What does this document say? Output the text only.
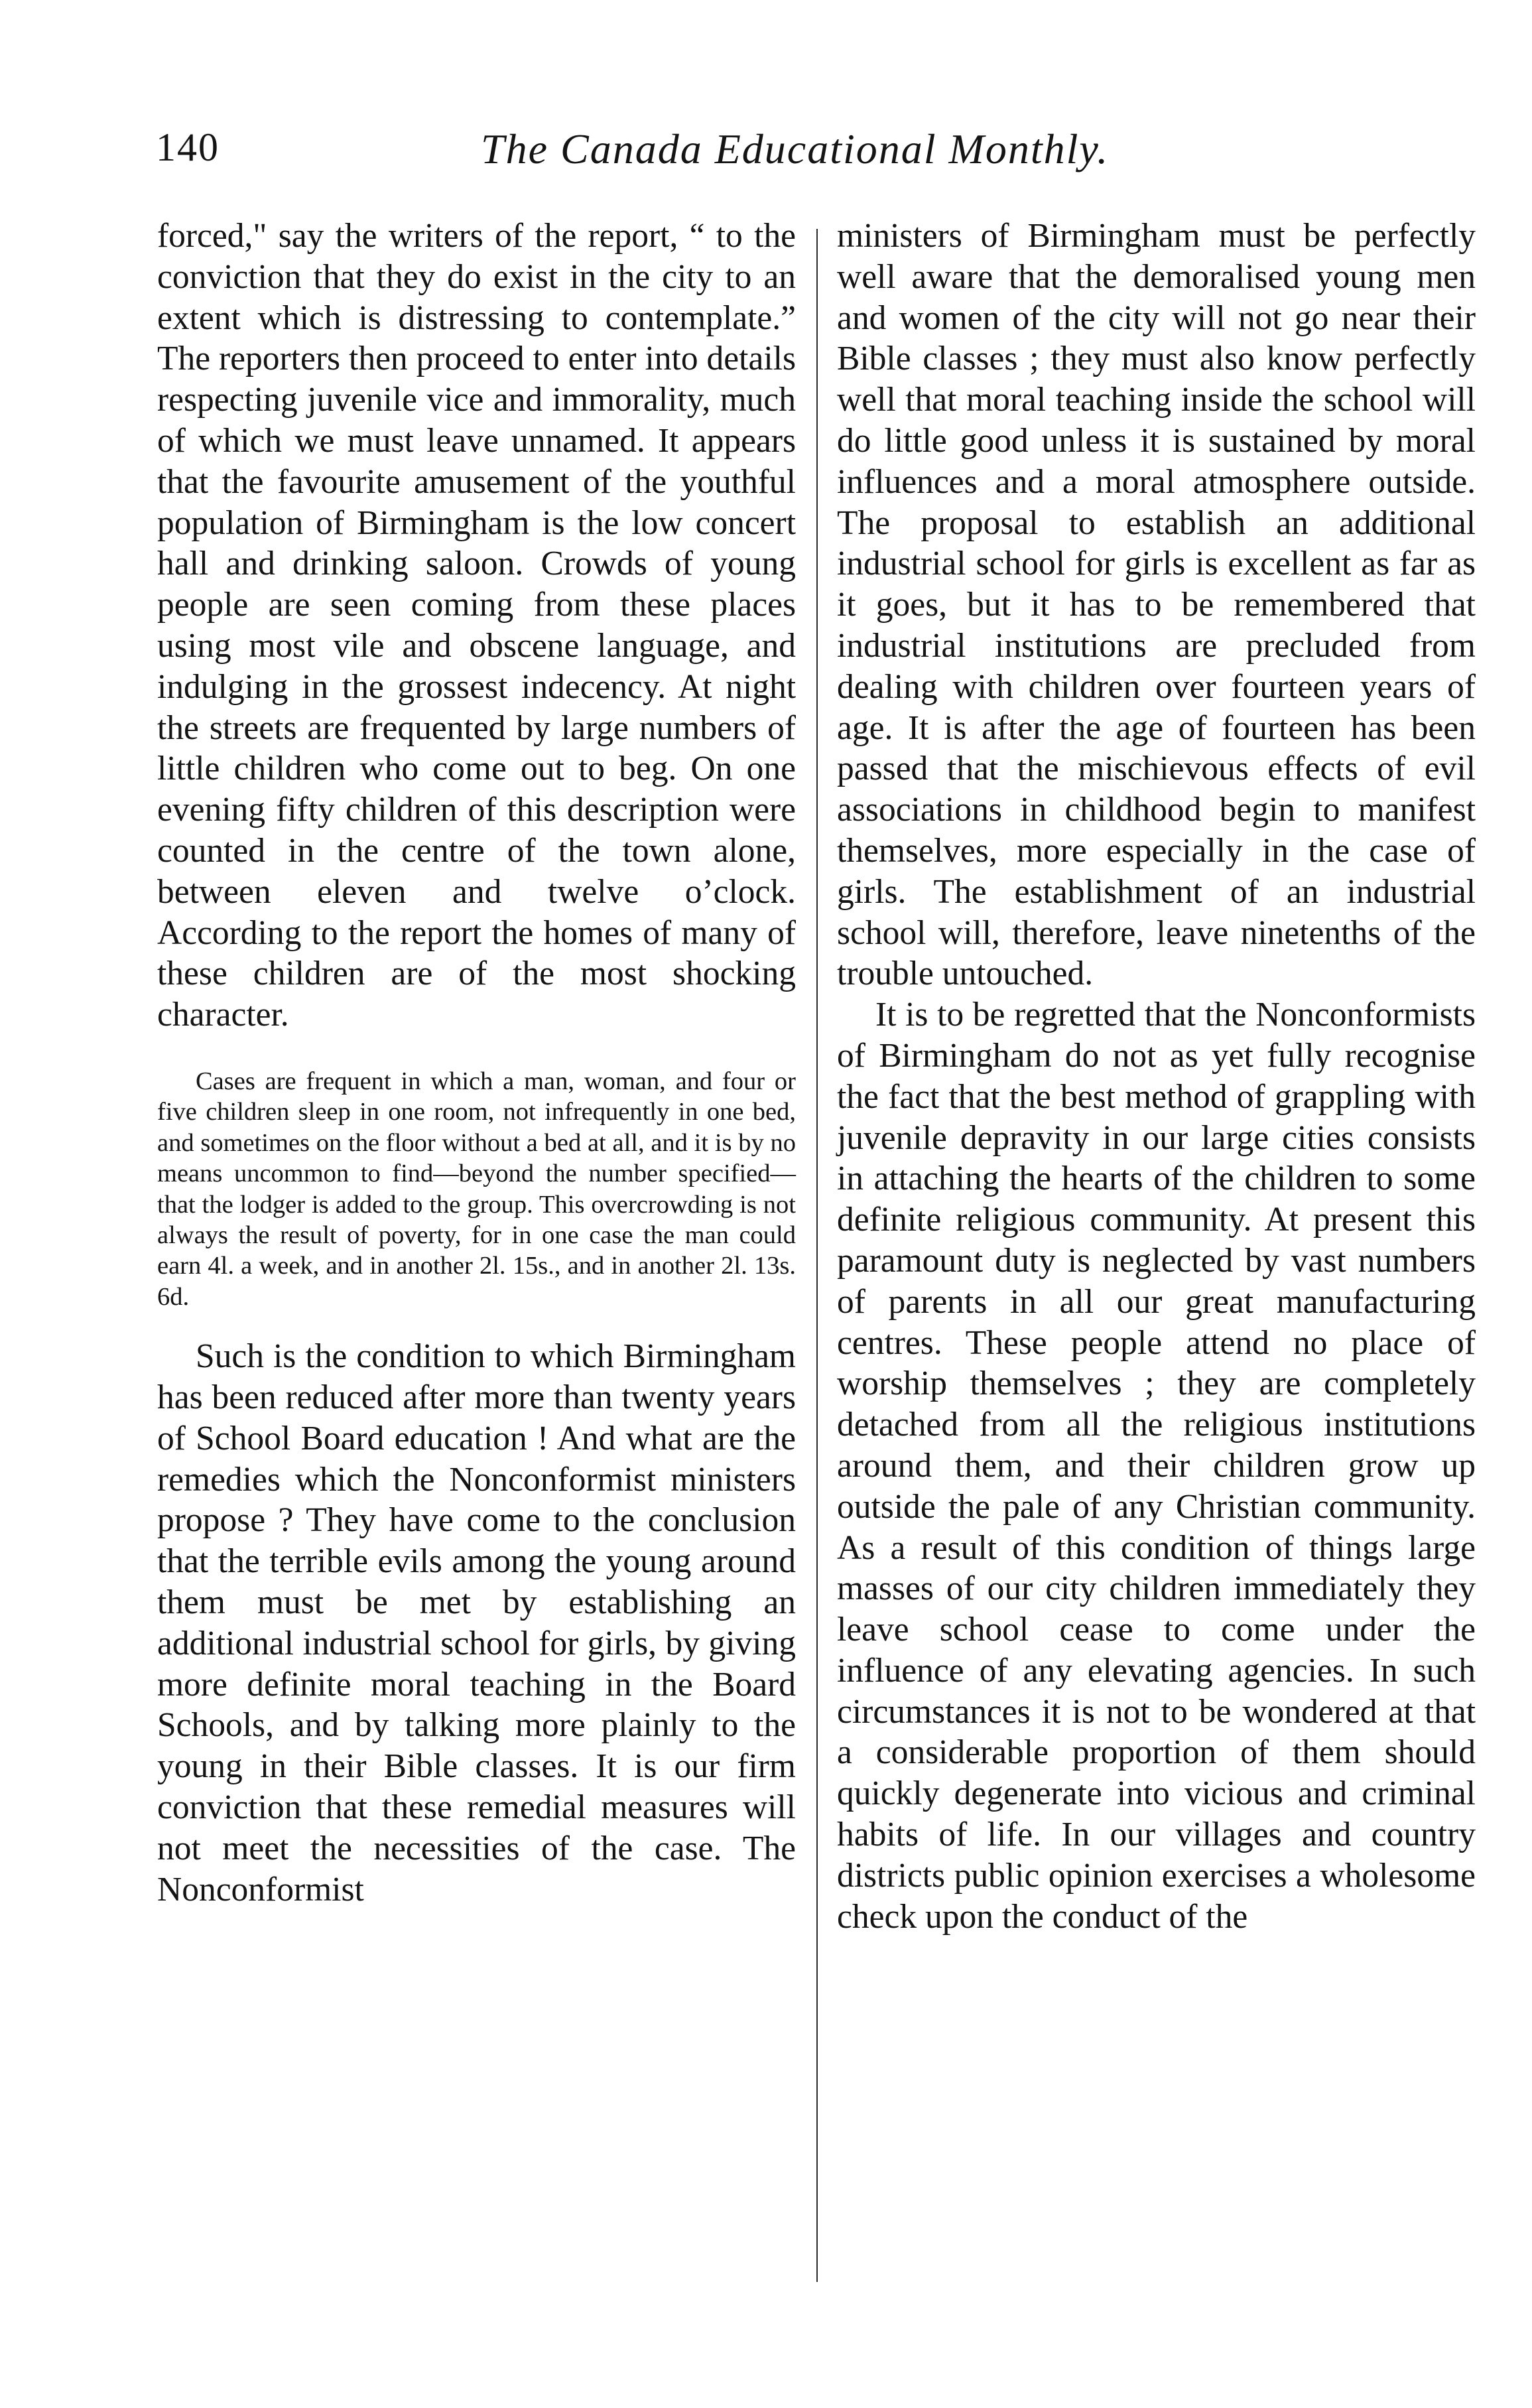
140	The Canada Educational Monthly.

forced," say the writers of the report, “ to the conviction that they do exist in the city to an extent which is distressing to contemplate.” The reporters then proceed to enter into details respecting juvenile vice and immorality, much of which we must leave unnamed. It appears that the favourite amusement of the youthful population of Birmingham is the low concert hall and drinking saloon. Crowds of young people are seen coming from these places using most vile and obscene language, and indulging in the grossest indecency. At night the streets are frequented by large numbers of little children who come out to beg. On one evening fifty children of this description were counted in the centre of the town alone, between eleven and twelve o’clock. According to the report the homes of many of these children are of the most shocking character.

Cases are frequent in which a man, woman, and four or five children sleep in one room, not infrequently in one bed, and sometimes on the floor without a bed at all, and it is by no means uncommon to find—beyond the number specified—that the lodger is added to the group. This overcrowding is not always the result of poverty, for in one case the man could earn 4l. a week, and in another 2l. 15s., and in another 2l. 13s. 6d.

Such is the condition to which Birmingham has been reduced after more than twenty years of School Board education ! And what are the remedies which the Nonconformist ministers propose ? They have come to the conclusion that the terrible evils among the young around them must be met by establishing an additional industrial school for girls, by giving more definite moral teaching in the Board Schools, and by talking more plainly to the young in their Bible classes. It is our firm conviction that these remedial measures will not meet the necessities of the case. The Nonconformist

ministers of Birmingham must be perfectly well aware that the demoralised young men and women of the city will not go near their Bible classes ; they must also know perfectly well that moral teaching inside the school will do little good unless it is sustained by moral influences and a moral atmosphere outside. The proposal to establish an additional industrial school for girls is excellent as far as it goes, but it has to be remembered that industrial institutions are precluded from dealing with children over fourteen years of age. It is after the age of fourteen has been passed that the mischievous effects of evil associations in childhood begin to manifest themselves, more especially in the case of girls. The establishment of an industrial school will, therefore, leave ninetenths of the trouble untouched.

It is to be regretted that the Nonconformists of Birmingham do not as yet fully recognise the fact that the best method of grappling with juvenile depravity in our large cities consists in attaching the hearts of the children to some definite religious community. At present this paramount duty is neglected by vast numbers of parents in all our great manufacturing centres. These people attend no place of worship themselves ; they are completely detached from all the religious institutions around them, and their children grow up outside the pale of any Christian community. As a result of this condition of things large masses of our city children immediately they leave school cease to come under the influence of any elevating agencies. In such circumstances it is not to be wondered at that a considerable proportion of them should quickly degenerate into vicious and criminal habits of life. In our villages and country districts public opinion exercises a wholesome check upon the conduct of the
